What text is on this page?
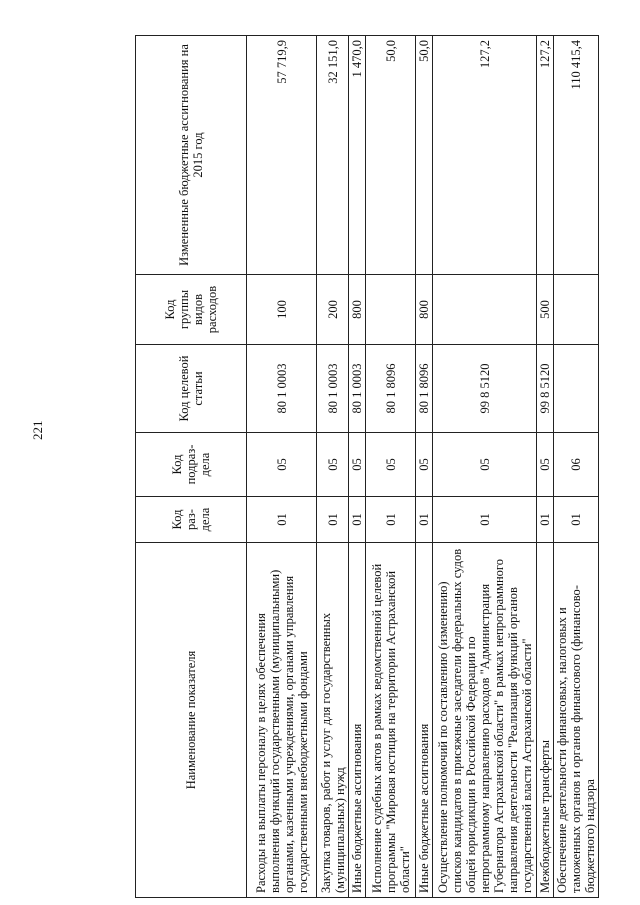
221
Наименование показателя	Код раз-дела	Код подраз-дела	Код целевой статьи	Код группы видов расходов	Измененные бюджетные ассигнования на 2015 год
Расходы на выплаты персоналу в целях обеспечения выполнения функций государственными (муниципальными) органами, казенными учреждениями, органами управления государственными внебюджетными фондами	01	05	80 1 0003	100	57 719,9
Закупка товаров, работ и услуг для государственных (муниципальных) нужд	01	05	80 1 0003	200	32 151,0
Иные бюджетные ассигнования	01	05	80 1 0003	800	1 470,0
Исполнение судебных актов в рамках ведомственной целевой программы "Мировая юстиция на территории Астраханской области"	01	05	80 1 8096		50,0
Иные бюджетные ассигнования	01	05	80 1 8096	800	50,0
Осуществление полномочий по составлению (изменению) списков кандидатов в присяжные заседатели федеральных судов общей юрисдикции в Российской Федерации по непрограммному направлению расходов "Администрация Губернатора Астраханской области" в рамках непрограммного направления деятельности "Реализация функций органов государственной власти Астраханской области"	01	05	99 8 5120		127,2
Межбюджетные трансферты	01	05	99 8 5120	500	127,2
Обеспечение деятельности финансовых, налоговых и таможенных органов и органов финансового (финансово-бюджетного) надзора	01	06			110 415,4
